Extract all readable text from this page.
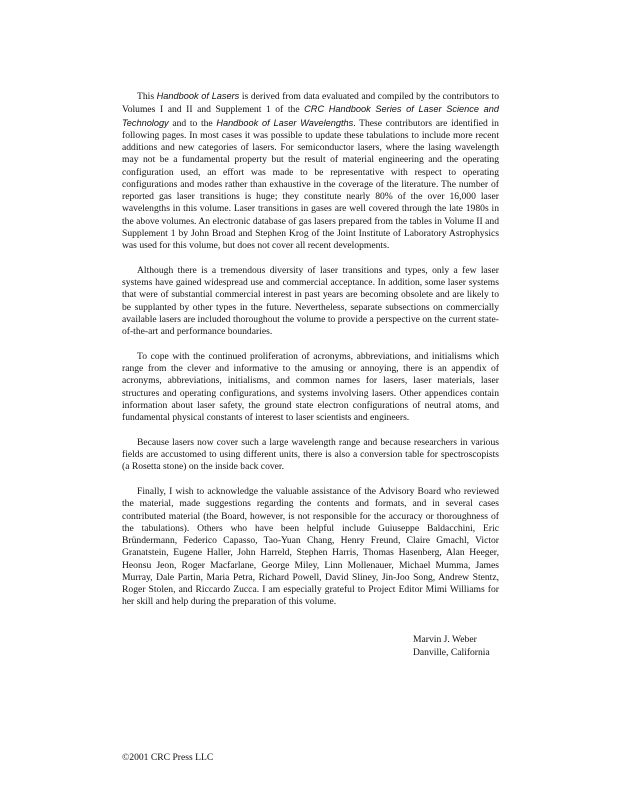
This Handbook of Lasers is derived from data evaluated and compiled by the contributors to Volumes I and II and Supplement 1 of the CRC Handbook Series of Laser Science and Technology and to the Handbook of Laser Wavelengths. These contributors are identified in following pages. In most cases it was possible to update these tabulations to include more recent additions and new categories of lasers. For semiconductor lasers, where the lasing wavelength may not be a fundamental property but the result of material engineering and the operating configuration used, an effort was made to be representative with respect to operating configurations and modes rather than exhaustive in the coverage of the literature. The number of reported gas laser transitions is huge; they constitute nearly 80% of the over 16,000 laser wavelengths in this volume. Laser transitions in gases are well covered through the late 1980s in the above volumes. An electronic database of gas lasers prepared from the tables in Volume II and Supplement 1 by John Broad and Stephen Krog of the Joint Institute of Laboratory Astrophysics was used for this volume, but does not cover all recent developments.

Although there is a tremendous diversity of laser transitions and types, only a few laser systems have gained widespread use and commercial acceptance. In addition, some laser systems that were of substantial commercial interest in past years are becoming obsolete and are likely to be supplanted by other types in the future. Nevertheless, separate subsections on commercially available lasers are included thoroughout the volume to provide a perspective on the current state-of-the-art and performance boundaries.

To cope with the continued proliferation of acronyms, abbreviations, and initialisms which range from the clever and informative to the amusing or annoying, there is an appendix of acronyms, abbreviations, initialisms, and common names for lasers, laser materials, laser structures and operating configurations, and systems involving lasers. Other appendices contain information about laser safety, the ground state electron configurations of neutral atoms, and fundamental physical constants of interest to laser scientists and engineers.

Because lasers now cover such a large wavelength range and because researchers in various fields are accustomed to using different units, there is also a conversion table for spectroscopists (a Rosetta stone) on the inside back cover.

Finally, I wish to acknowledge the valuable assistance of the Advisory Board who reviewed the material, made suggestions regarding the contents and formats, and in several cases contributed material (the Board, however, is not responsible for the accuracy or thoroughness of the tabulations). Others who have been helpful include Guiuseppe Baldacchini, Eric Bründermann, Federico Capasso, Tao-Yuan Chang, Henry Freund, Claire Gmachl, Victor Granatstein, Eugene Haller, John Harreld, Stephen Harris, Thomas Hasenberg, Alan Heeger, Heonsu Jeon, Roger Macfarlane, George Miley, Linn Mollenauer, Michael Mumma, James Murray, Dale Partin, Maria Petra, Richard Powell, David Sliney, Jin-Joo Song, Andrew Stentz, Roger Stolen, and Riccardo Zucca. I am especially grateful to Project Editor Mimi Williams for her skill and help during the preparation of this volume.

Marvin J. Weber
Danville, California
©2001 CRC Press LLC
